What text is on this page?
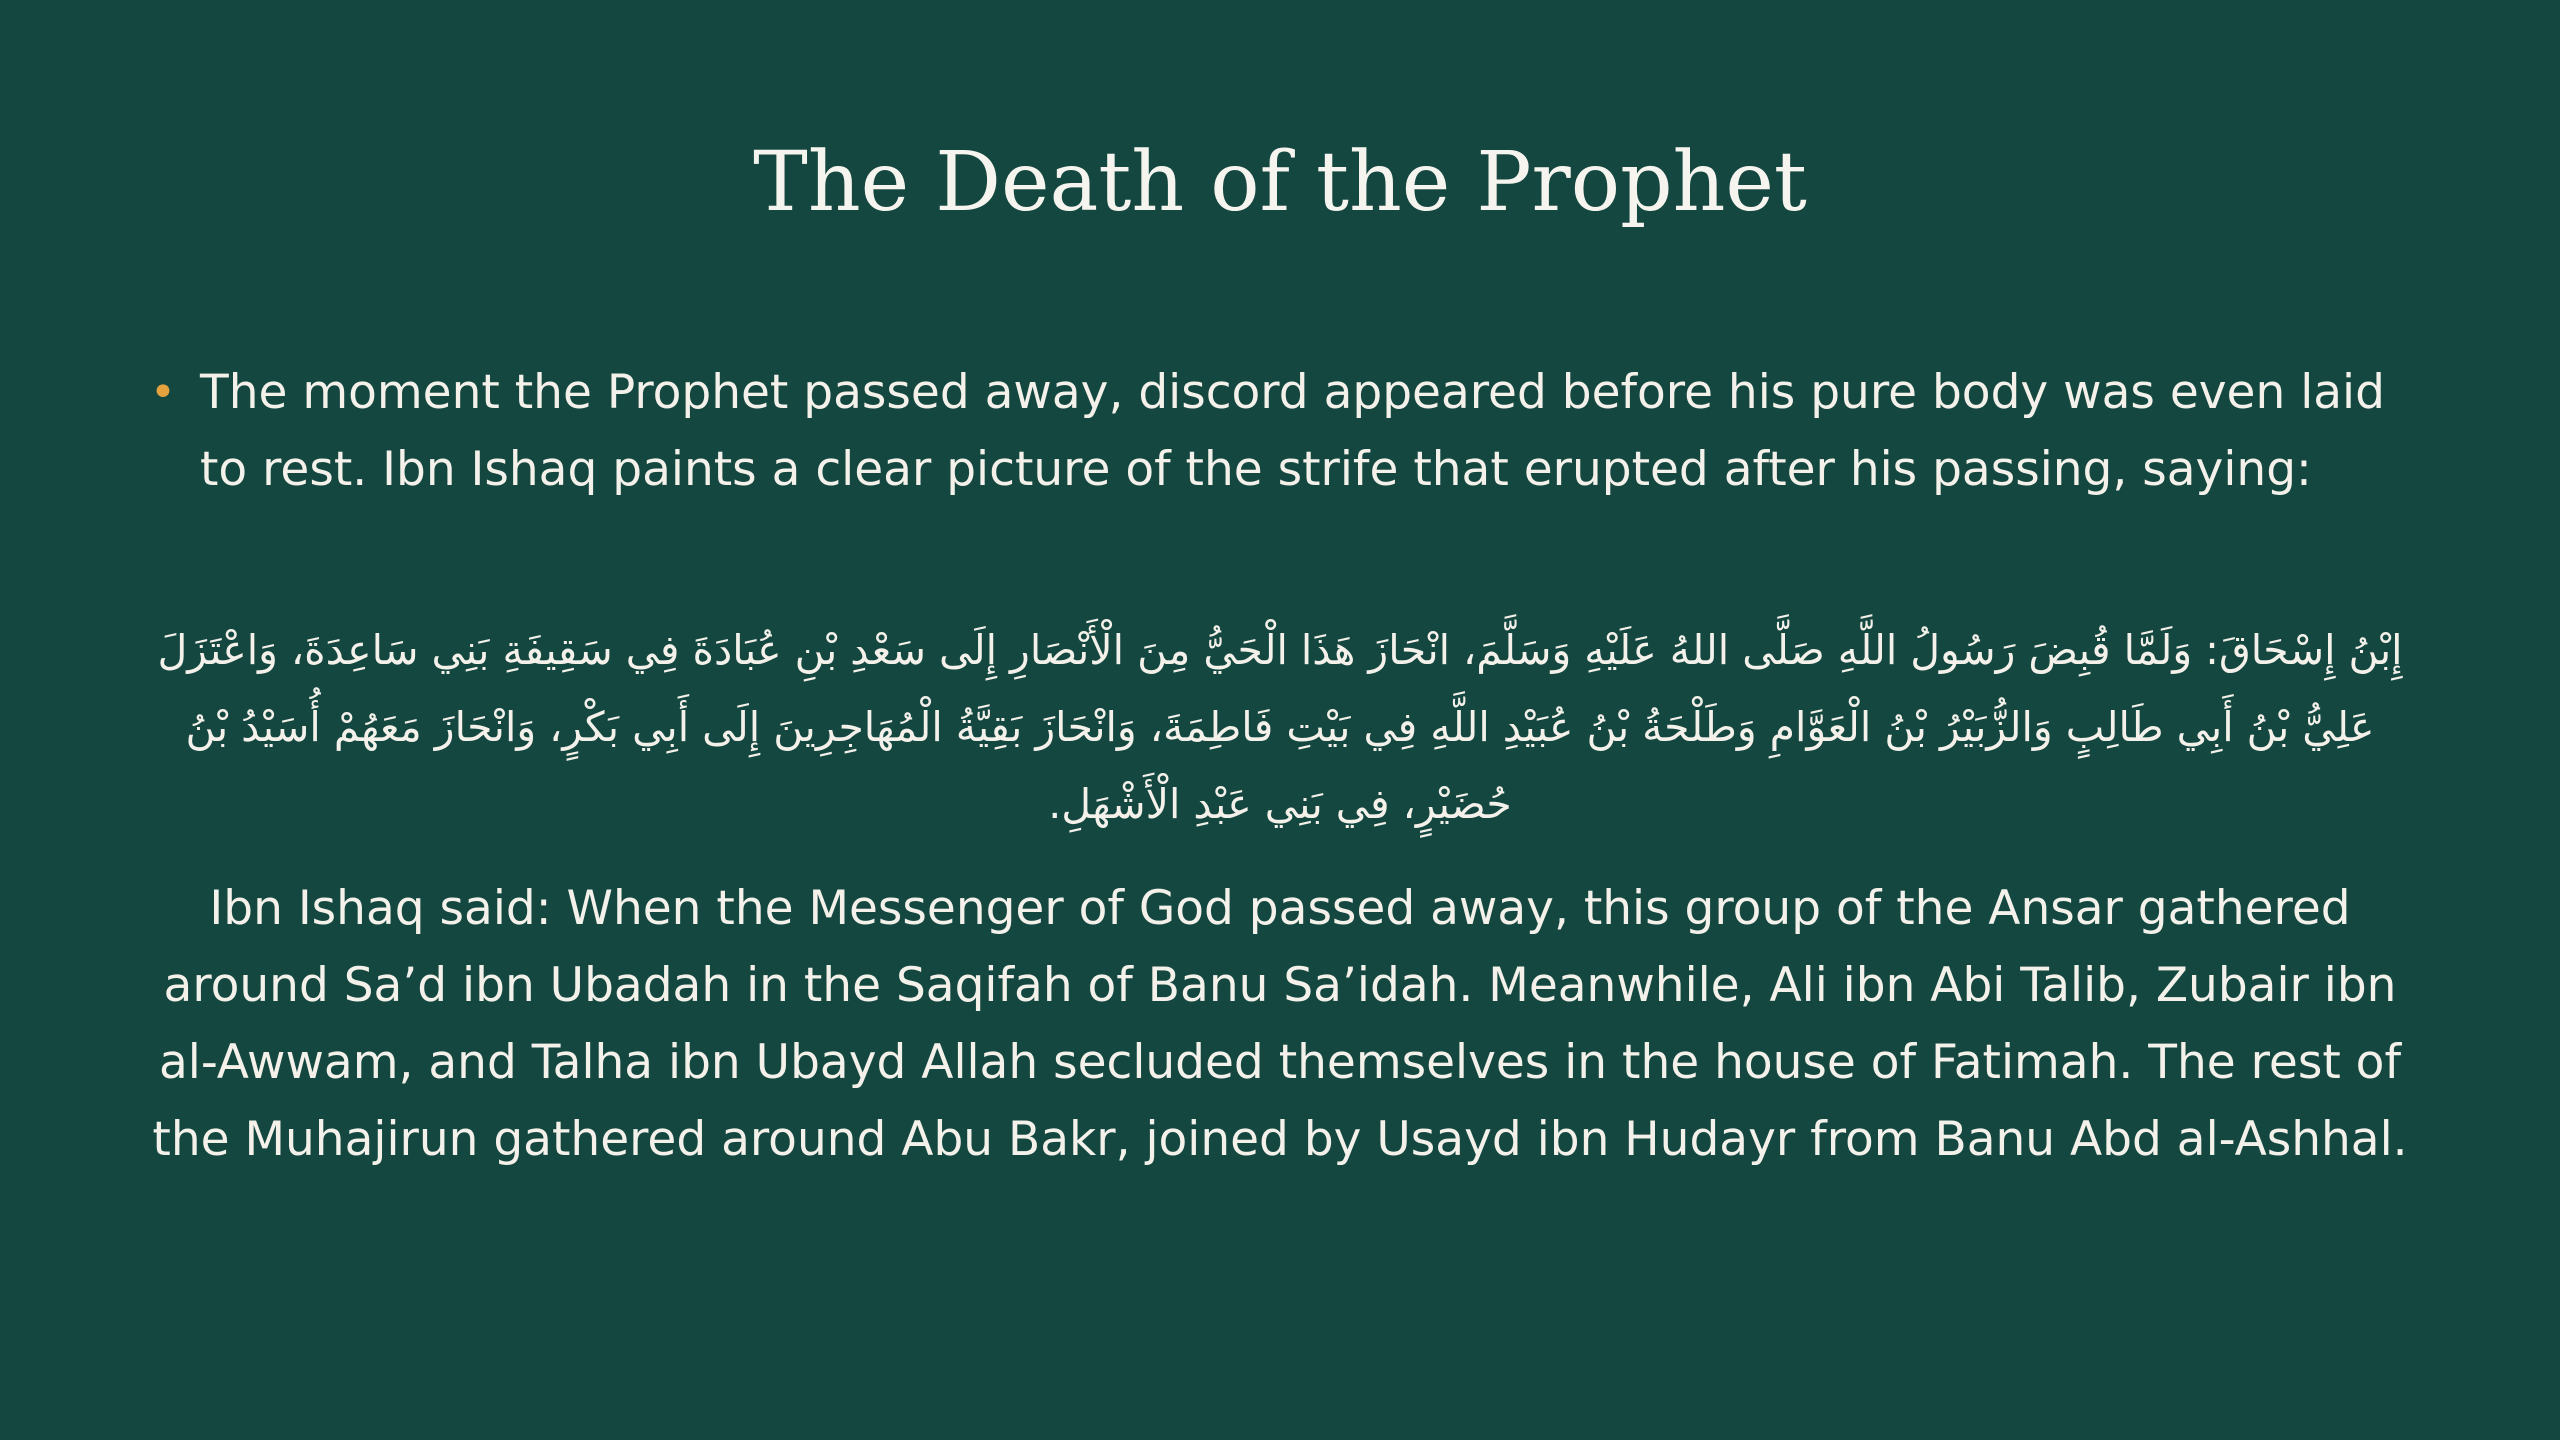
The Death of the Prophet
• The moment the Prophet passed away, discord appeared before his pure body was even laid to rest. Ibn Ishaq paints a clear picture of the strife that erupted after his passing, saying:
إِبْنُ إِسْحَاقَ: وَلَمَّا قُبِضَ رَسُولُ اللَّهِ صَلَّى اللهُ عَلَيْهِ وَسَلَّمَ، انْحَازَ هَذَا الْحَيُّ مِنَ الْأَنْصَارِ إِلَى سَعْدِ بْنِ عُبَادَةَ فِي سَقِيفَةِ بَنِي سَاعِدَةَ، وَاعْتَزَلَ عَلِيُّ بْنُ أَبِي طَالِبٍ وَالزُّبَيْرُ بْنُ الْعَوَّامِ وَطَلْحَةُ بْنُ عُبَيْدِ اللَّهِ فِي بَيْتِ فَاطِمَةَ، وَانْحَازَ بَقِيَّةُ الْمُهَاجِرِينَ إِلَى أَبِي بَكْرٍ، وَانْحَازَ مَعَهُمْ أُسَيْدُ بْنُ حُضَيْرٍ، فِي بَنِي عَبْدِ الْأَشْهَلِ.
Ibn Ishaq said: When the Messenger of God passed away, this group of the Ansar gathered around Sa’d ibn Ubadah in the Saqifah of Banu Sa’idah. Meanwhile, Ali ibn Abi Talib, Zubair ibn al-Awwam, and Talha ibn Ubayd Allah secluded themselves in the house of Fatimah. The rest of the Muhajirun gathered around Abu Bakr, joined by Usayd ibn Hudayr from Banu Abd al-Ashhal.
